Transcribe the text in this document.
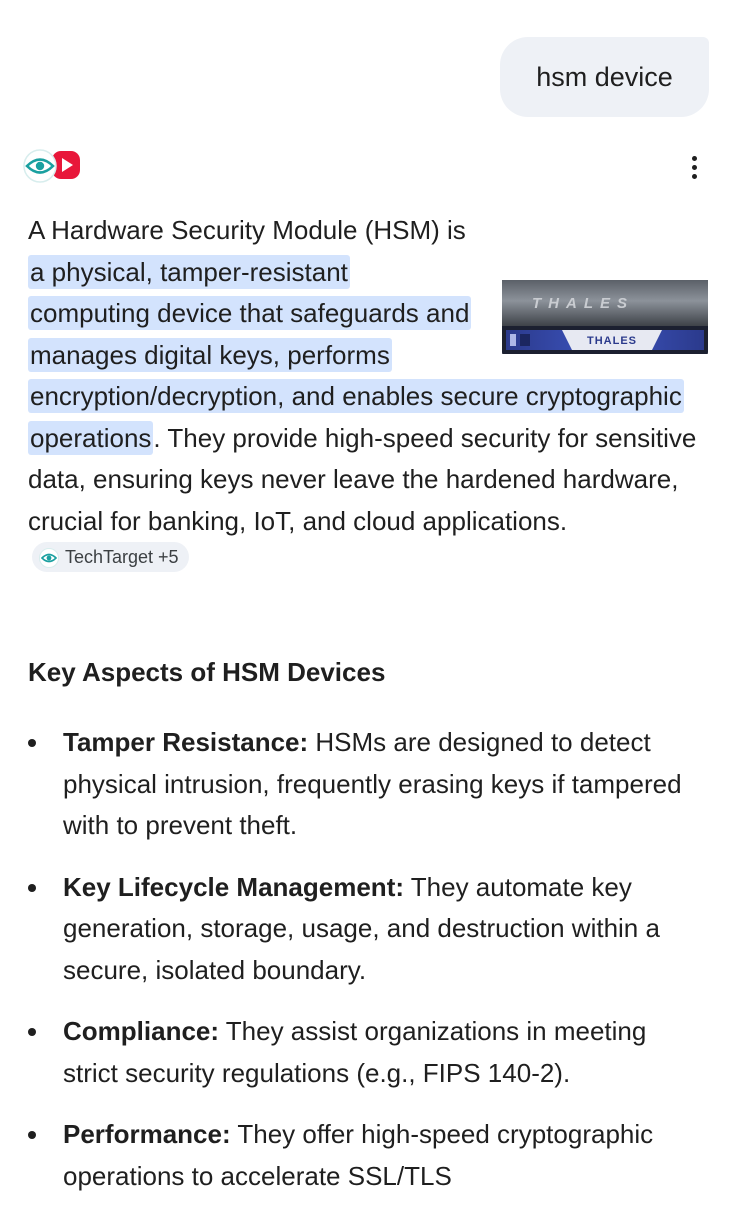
hsm device
THALES
THALES
A Hardware Security Module (HSM) is a physical, tamper-resistant computing device that safeguards and manages digital keys, performs encryption/decryption, and enables secure cryptographic operations. They provide high-speed security for sensitive data, ensuring keys never leave the hardened hardware, crucial for banking, IoT, and cloud applications.
TechTarget +5
Key Aspects of HSM Devices
Tamper Resistance: HSMs are designed to detect physical intrusion, frequently erasing keys if tampered with to prevent theft.
Key Lifecycle Management: They automate key generation, storage, usage, and destruction within a secure, isolated boundary.
Compliance: They assist organizations in meeting strict security regulations (e.g., FIPS 140-2).
Performance: They offer high-speed cryptographic operations to accelerate SSL/TLS
